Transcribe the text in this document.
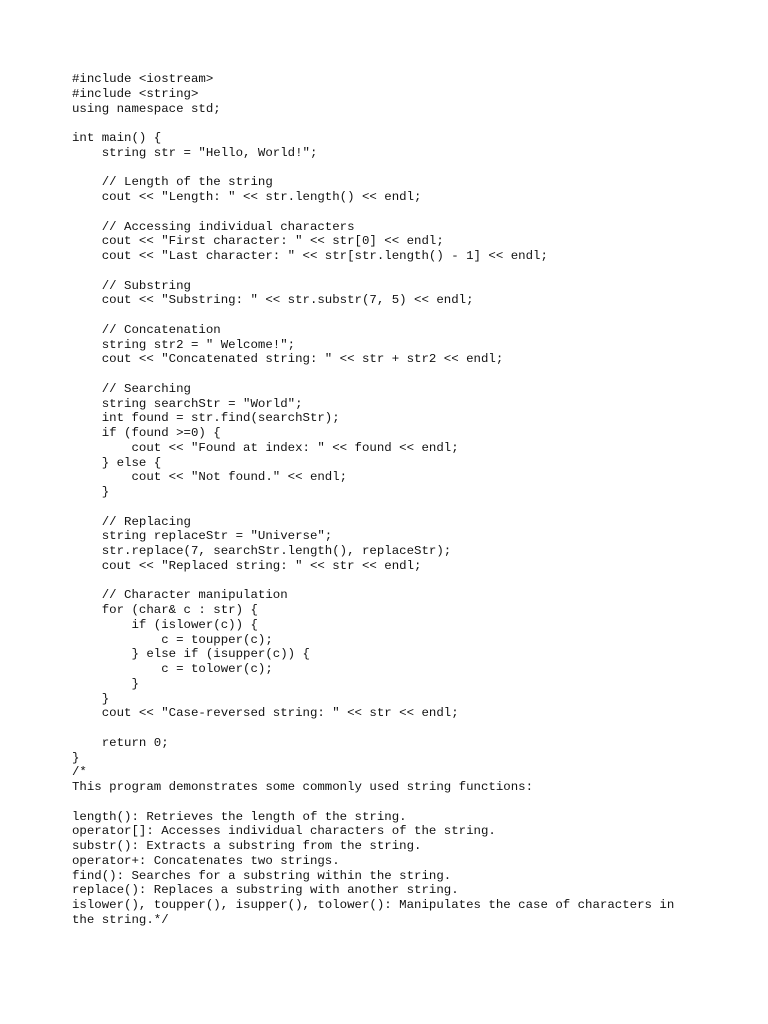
#include <iostream>
#include <string>
using namespace std;
int main() {
string str = "Hello, World!";
// Length of the string
cout << "Length: " << str.length() << endl;
// Accessing individual characters
cout << "First character: " << str[0] << endl;
cout << "Last character: " << str[str.length() - 1] << endl;
// Substring
cout << "Substring: " << str.substr(7, 5) << endl;
// Concatenation
string str2 = " Welcome!";
cout << "Concatenated string: " << str + str2 << endl;
// Searching
string searchStr = "World";
int found = str.find(searchStr);
if (found >=0) {
cout << "Found at index: " << found << endl;
} else {
cout << "Not found." << endl;
}
// Replacing
string replaceStr = "Universe";
str.replace(7, searchStr.length(), replaceStr);
cout << "Replaced string: " << str << endl;
// Character manipulation
for (char& c : str) {
if (islower(c)) {
c = toupper(c);
} else if (isupper(c)) {
c = tolower(c);
}
}
cout << "Case-reversed string: " << str << endl;
return 0;
}
/*
This program demonstrates some commonly used string functions:
length(): Retrieves the length of the string.
operator[]: Accesses individual characters of the string.
substr(): Extracts a substring from the string.
operator+: Concatenates two strings.
find(): Searches for a substring within the string.
replace(): Replaces a substring with another string.
islower(), toupper(), isupper(), tolower(): Manipulates the case of characters in
the string.*/
